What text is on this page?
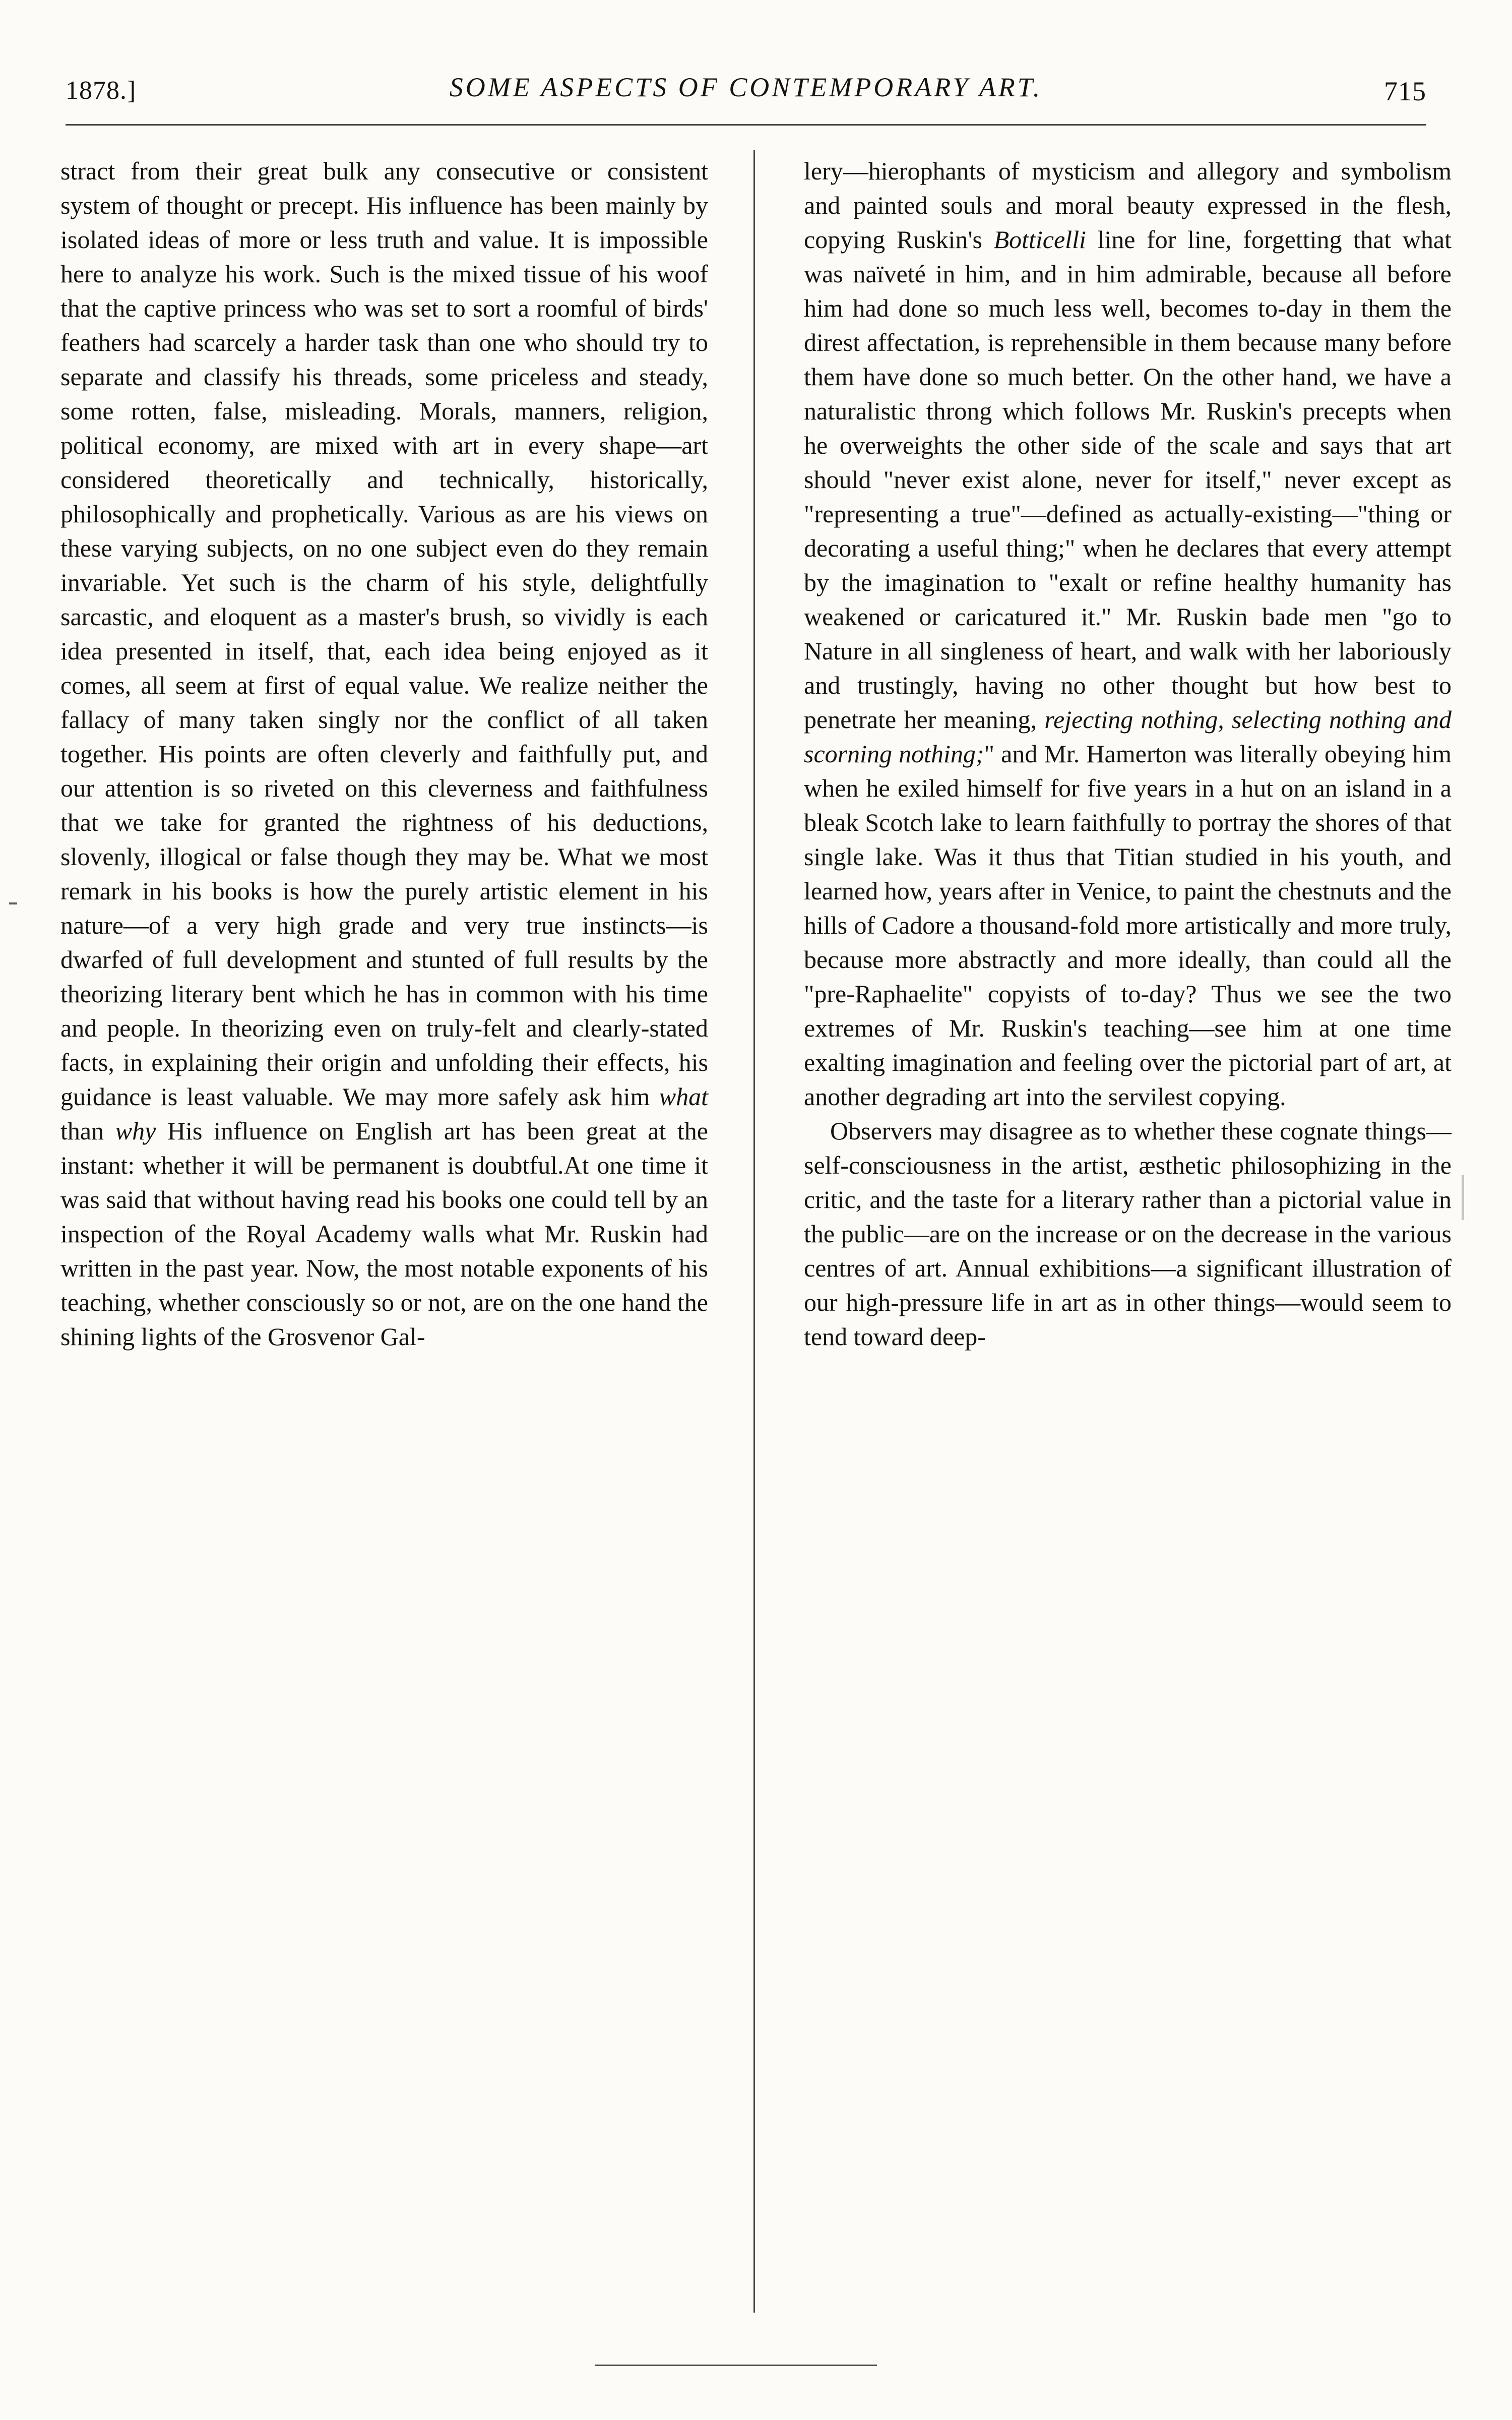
1878.]	SOME ASPECTS OF CONTEMPORARY ART.	715

stract from their great bulk any consecutive or consistent system of thought or precept. His influence has been mainly by isolated ideas of more or less truth and value. It is impossible here to analyze his work. Such is the mixed tissue of his woof that the captive princess who was set to sort a roomful of birds' feathers had scarcely a harder task than one who should try to separate and classify his threads, some priceless and steady, some rotten, false, misleading. Morals, manners, religion, political economy, are mixed with art in every shape—art considered theoretically and technically, historically, philosophically and prophetically. Various as are his views on these varying subjects, on no one subject even do they remain invariable. Yet such is the charm of his style, delightfully sarcastic, and eloquent as a master's brush, so vividly is each idea presented in itself, that, each idea being enjoyed as it comes, all seem at first of equal value. We realize neither the fallacy of many taken singly nor the conflict of all taken together. His points are often cleverly and faithfully put, and our attention is so riveted on this cleverness and faithfulness that we take for granted the rightness of his deductions, slovenly, illogical or false though they may be. What we most remark in his books is how the purely artistic element in his nature—of a very high grade and very true instincts—is dwarfed of full development and stunted of full results by the theorizing literary bent which he has in common with his time and people. In theorizing even on truly-felt and clearly-stated facts, in explaining their origin and unfolding their effects, his guidance is least valuable. We may more safely ask him what than why His influence on English art has been great at the instant: whether it will be permanent is doubtful.At one time it was said that without having read his books one could tell by an inspection of the Royal Academy walls what Mr. Ruskin had written in the past year. Now, the most notable exponents of his teaching, whether consciously so or not, are on the one hand the shining lights of the Grosvenor Gal-

lery—hierophants of mysticism and allegory and symbolism and painted souls and moral beauty expressed in the flesh, copying Ruskin's Botticelli line for line, forgetting that what was naïveté in him, and in him admirable, because all before him had done so much less well, becomes to-day in them the direst affectation, is reprehensible in them because many before them have done so much better. On the other hand, we have a naturalistic throng which follows Mr. Ruskin's precepts when he overweights the other side of the scale and says that art should "never exist alone, never for itself," never except as "representing a true"—defined as actually-existing—"thing or decorating a useful thing;" when he declares that every attempt by the imagination to "exalt or refine healthy humanity has weakened or caricatured it." Mr. Ruskin bade men "go to Nature in all singleness of heart, and walk with her laboriously and trustingly, having no other thought but how best to penetrate her meaning, rejecting nothing, selecting nothing and scorning nothing;" and Mr. Hamerton was literally obeying him when he exiled himself for five years in a hut on an island in a bleak Scotch lake to learn faithfully to portray the shores of that single lake. Was it thus that Titian studied in his youth, and learned how, years after in Venice, to paint the chestnuts and the hills of Cadore a thousand-fold more artistically and more truly, because more abstractly and more ideally, than could all the "pre-Raphaelite" copyists of to-day? Thus we see the two extremes of Mr. Ruskin's teaching—see him at one time exalting imagination and feeling over the pictorial part of art, at another degrading art into the servilest copying.

Observers may disagree as to whether these cognate things—self-consciousness in the artist, æsthetic philosophizing in the critic, and the taste for a literary rather than a pictorial value in the public—are on the increase or on the decrease in the various centres of art. Annual exhibitions—a significant illustration of our high-pressure life in art as in other things—would seem to tend toward deep-
